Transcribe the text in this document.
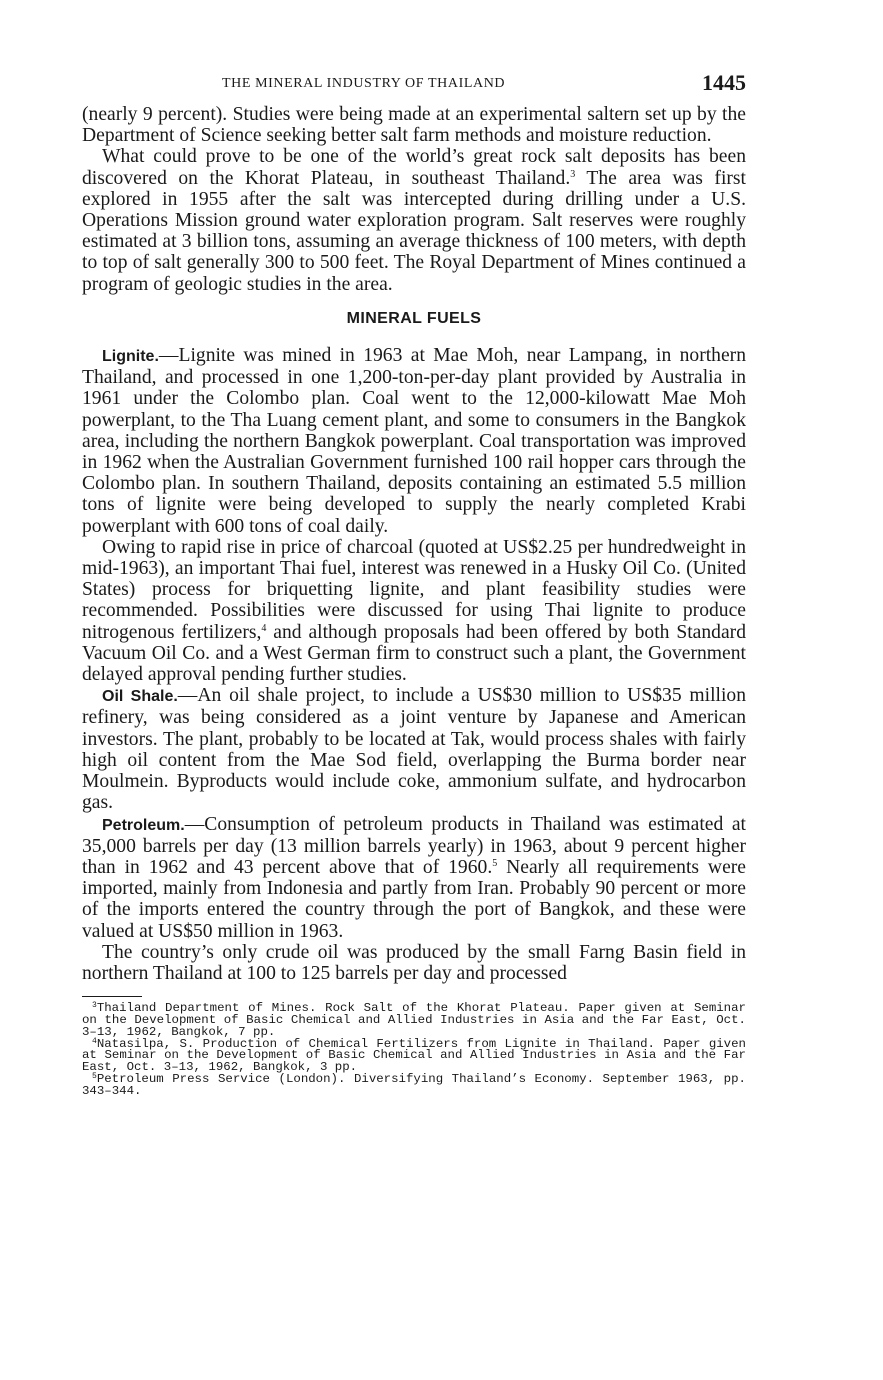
THE MINERAL INDUSTRY OF THAILAND	1445

(nearly 9 percent). Studies were being made at an experimental saltern set up by the Department of Science seeking better salt farm methods and moisture reduction.

What could prove to be one of the world’s great rock salt deposits has been discovered on the Khorat Plateau, in southeast Thailand.$^3$ The area was first explored in 1955 after the salt was intercepted during drilling under a U.S. Operations Mission ground water exploration program. Salt reserves were roughly estimated at 3 billion tons, assuming an average thickness of 100 meters, with depth to top of salt generally 300 to 500 feet. The Royal Department of Mines continued a program of geologic studies in the area.

MINERAL FUELS

Lignite.—Lignite was mined in 1963 at Mae Moh, near Lampang, in northern Thailand, and processed in one 1,200-ton-per-day plant provided by Australia in 1961 under the Colombo plan. Coal went to the 12,000-kilowatt Mae Moh powerplant, to the Tha Luang cement plant, and some to consumers in the Bangkok area, including the northern Bangkok powerplant. Coal transportation was improved in 1962 when the Australian Government furnished 100 rail hopper cars through the Colombo plan. In southern Thailand, deposits containing an estimated 5.5 million tons of lignite were being developed to supply the nearly completed Krabi powerplant with 600 tons of coal daily.

Owing to rapid rise in price of charcoal (quoted at US$2.25 per hundredweight in mid-1963), an important Thai fuel, interest was renewed in a Husky Oil Co. (United States) process for briquetting lignite, and plant feasibility studies were recommended. Possibilities were discussed for using Thai lignite to produce nitrogenous fertilizers,$^4$ and although proposals had been offered by both Standard Vacuum Oil Co. and a West German firm to construct such a plant, the Government delayed approval pending further studies.

Oil Shale.—An oil shale project, to include a US$30 million to US$35 million refinery, was being considered as a joint venture by Japanese and American investors. The plant, probably to be located at Tak, would process shales with fairly high oil content from the Mae Sod field, overlapping the Burma border near Moulmein. Byproducts would include coke, ammonium sulfate, and hydrocarbon gas.

Petroleum.—Consumption of petroleum products in Thailand was estimated at 35,000 barrels per day (13 million barrels yearly) in 1963, about 9 percent higher than in 1962 and 43 percent above that of 1960.$^5$ Nearly all requirements were imported, mainly from Indonesia and partly from Iran. Probably 90 percent or more of the imports entered the country through the port of Bangkok, and these were valued at US$50 million in 1963.

The country’s only crude oil was produced by the small Farng Basin field in northern Thailand at 100 to 125 barrels per day and processed

$^3$Thailand Department of Mines. Rock Salt of the Khorat Plateau. Paper given at Seminar on the Development of Basic Chemical and Allied Industries in Asia and the Far East, Oct. 3–13, 1962, Bangkok, 7 pp.

$^4$Natasilpa, S. Production of Chemical Fertilizers from Lignite in Thailand. Paper given at Seminar on the Development of Basic Chemical and Allied Industries in Asia and the Far East, Oct. 3–13, 1962, Bangkok, 3 pp.

$^5$Petroleum Press Service (London). Diversifying Thailand’s Economy. September 1963, pp. 343–344.
